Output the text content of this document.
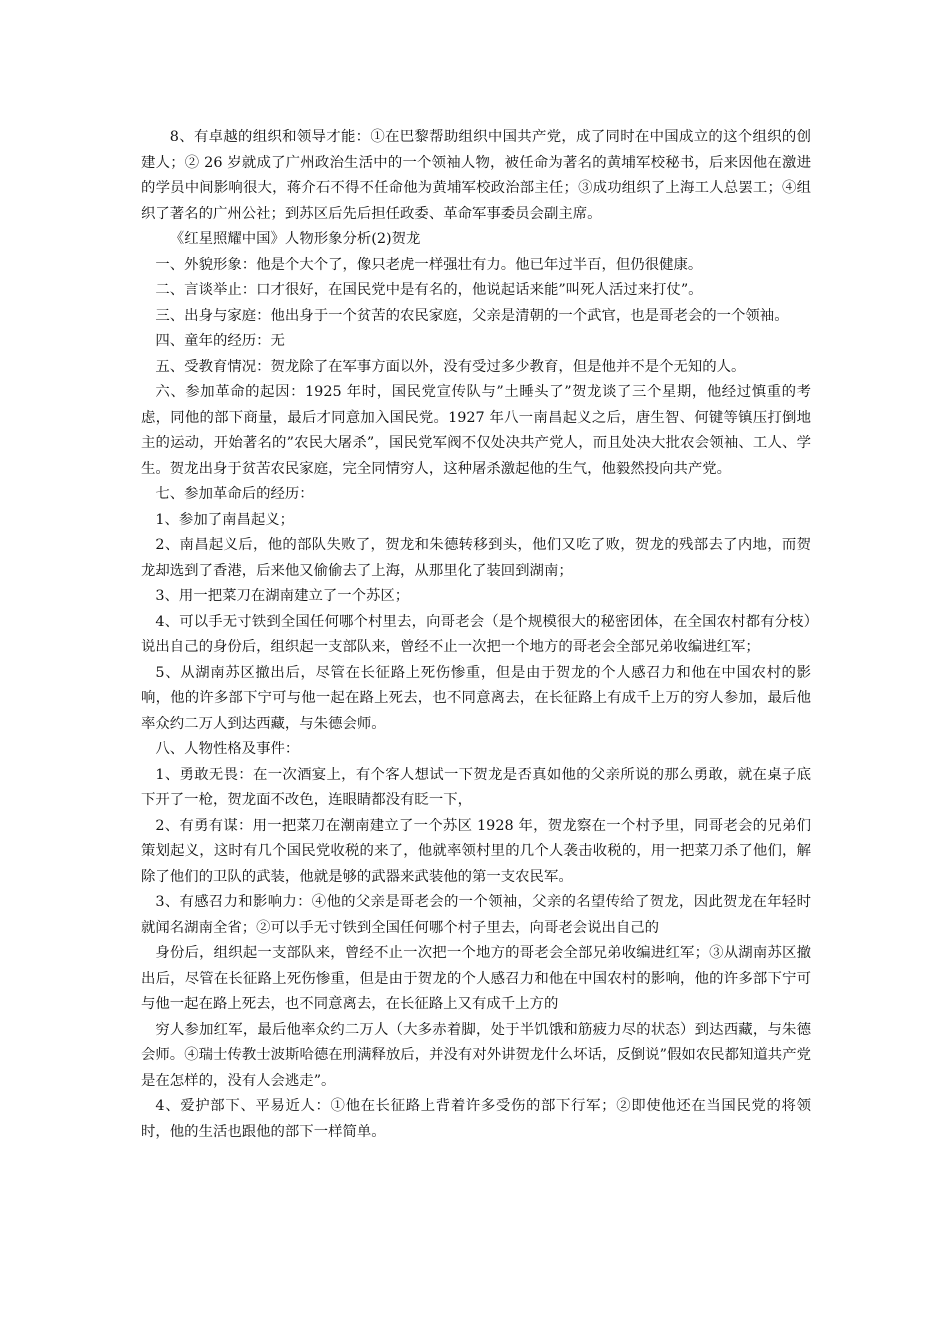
8、有卓越的组织和领导才能：①在巴黎帮助组织中国共产党，成了同时在中国成立的这个组织的创建人；② 26 岁就成了广州政治生活中的一个领袖人物，被任命为著名的黄埔军校秘书，后来因他在激进的学员中间影响很大，蒋介石不得不任命他为黄埔军校政治部主任；③成功组织了上海工人总罢工；④组织了著名的广州公社；到苏区后先后担任政委、革命军事委员会副主席。

《红星照耀中国》人物形象分析(2)贺龙

一、外貌形象：他是个大个了，像只老虎一样强壮有力。他已年过半百，但仍很健康。

二、言谈举止：口才很好，在国民党中是有名的，他说起话来能”叫死人活过来打仗”。

三、出身与家庭：他出身于一个贫苦的农民家庭，父亲是清朝的一个武官，也是哥老会的一个领袖。

四、童年的经历：无

五、受教育情况：贺龙除了在军事方面以外，没有受过多少教育，但是他并不是个无知的人。

六、参加革命的起因：1925 年时，国民党宣传队与”土睡头了”贺龙谈了三个星期，他经过慎重的考虑，同他的部下商量，最后才同意加入国民党。1927 年八一南昌起义之后，唐生智、何键等镇压打倒地主的运动，开始著名的”农民大屠杀”，国民党军阀不仅处决共产党人，而且处决大批农会领袖、工人、学生。贺龙出身于贫苦农民家庭，完全同情穷人，这种屠杀激起他的生气，他毅然投向共产党。

七、参加革命后的经历：

1、参加了南昌起义；

2、南昌起义后，他的部队失败了，贺龙和朱德转移到头，他们又吃了败，贺龙的残部去了内地，而贺龙却选到了香港，后来他又偷偷去了上海，从那里化了装回到湖南；

3、用一把菜刀在湖南建立了一个苏区；

4、可以手无寸铁到全国任何哪个村里去，向哥老会（是个规模很大的秘密团体，在全国农村都有分枝）说出自己的身份后，组织起一支部队来，曾经不止一次把一个地方的哥老会全部兄弟收编进红军；

5、从湖南苏区撤出后，尽管在长征路上死伤惨重，但是由于贺龙的个人感召力和他在中国农村的影响，他的许多部下宁可与他一起在路上死去，也不同意离去，在长征路上有成千上万的穷人参加，最后他率众约二万人到达西藏，与朱德会师。

八、人物性格及事件：

1、勇敢无畏：在一次酒宴上，有个客人想试一下贺龙是否真如他的父亲所说的那么勇敢，就在桌子底下开了一枪，贺龙面不改色，连眼睛都没有眨一下，

2、有勇有谋：用一把菜刀在潮南建立了一个苏区 1928 年，贺龙察在一个村予里，同哥老会的兄弟们策划起义，这时有几个国民党收税的来了，他就率领村里的几个人袭击收税的，用一把菜刀杀了他们，解除了他们的卫队的武装，他就是够的武器来武装他的第一支农民军。

3、有感召力和影响力：④他的父亲是哥老会的一个领袖，父亲的名望传给了贺龙，因此贺龙在年轻时就闻名湖南全省；②可以手无寸铁到全国任何哪个村子里去，向哥老会说出自己的

身份后，组织起一支部队来，曾经不止一次把一个地方的哥老会全部兄弟收编进红军；③从湖南苏区撤出后，尽管在长征路上死伤惨重，但是由于贺龙的个人感召力和他在中国农村的影响，他的许多部下宁可与他一起在路上死去，也不同意离去，在长征路上又有成千上方的

穷人参加红军，最后他率众约二万人（大多赤着脚，处于半饥饿和筋疲力尽的状态）到达西藏，与朱德会师。④瑞士传教士波斯哈德在刑满释放后，并没有对外讲贺龙什么坏话，反倒说”假如农民都知道共产党是在怎样的，没有人会逃走”。

4、爱护部下、平易近人：①他在长征路上背着许多受伤的部下行军；②即使他还在当国民党的将领时，他的生活也跟他的部下一样简单。
